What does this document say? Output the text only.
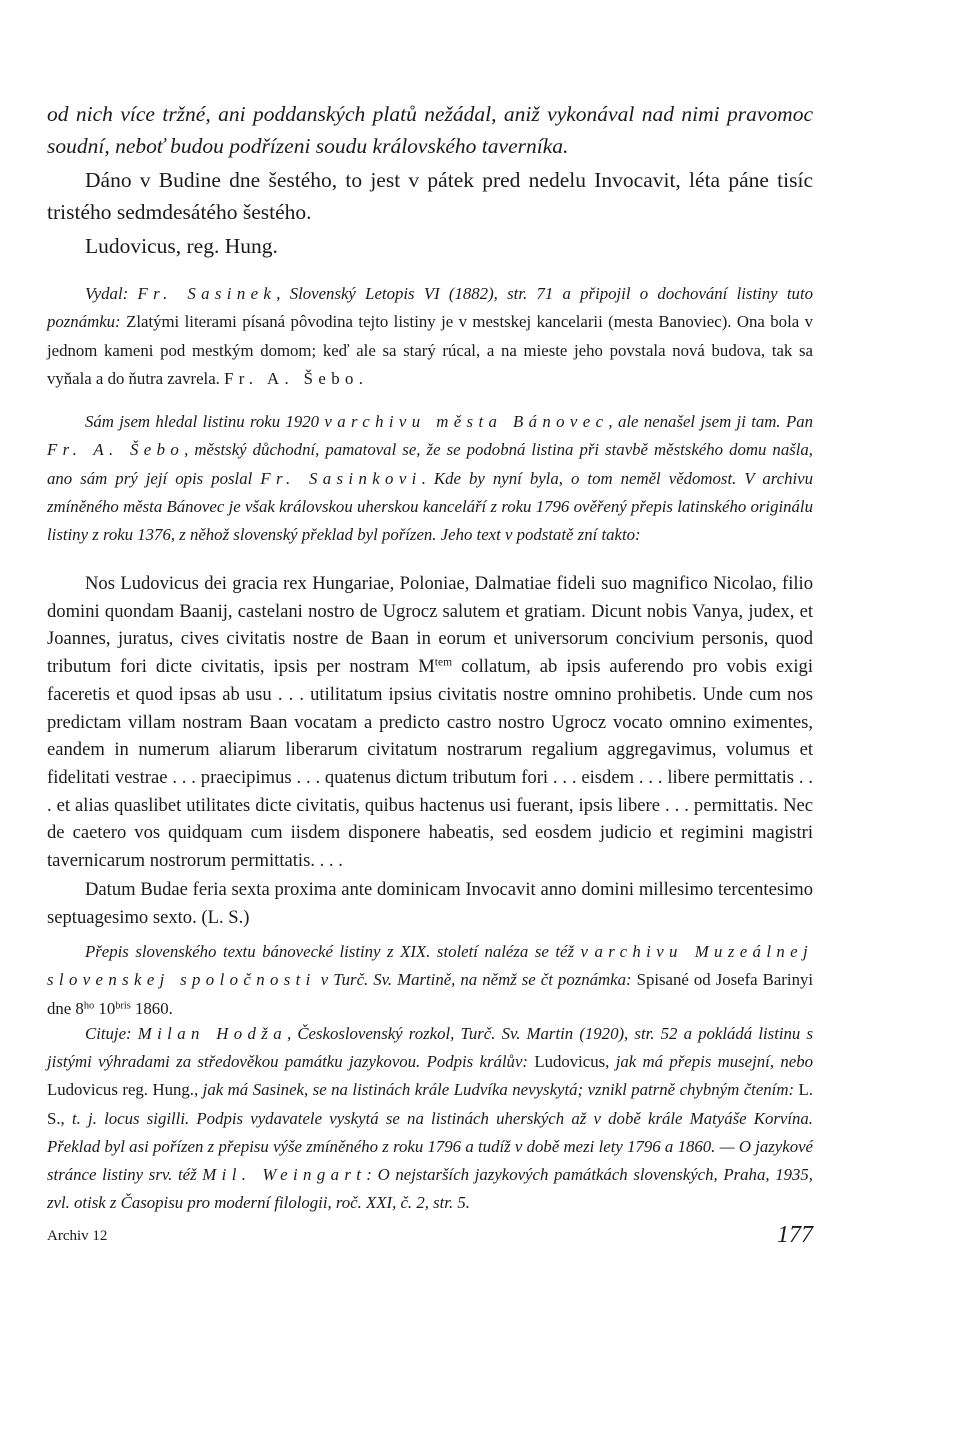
od nich více tržné, ani poddanských platů nežádal, aniž vykonával nad nimi pravomoc soudní, neboť budou podřízeni soudu královského taverníka.

Dáno v Budine dne šestého, to jest v pátek pred nedelu Invocavit, léta páne tisíc tristého sedmdesátého šestého.

Ludovicus, reg. Hung.

Vydal: Fr. Sasinek, Slovenský Letopis VI (1882), str. 71 a připojil o dochování listiny tuto poznámku: Zlatými literami písaná pôvodina tejto listiny je v mestskej kancelarii (mesta Banoviec). Ona bola v jednom kameni pod mestkým domom; keď ale sa starý rúcal, a na mieste jeho povstala nová budova, tak sa vyňala a do ňutra zavrela. Fr. A. Šebo.

Sám jsem hledal listinu roku 1920 v archivu města Bánovec, ale nenašel jsem ji tam. Pan Fr. A. Šebo, městský důchodní, pamatoval se, že se podobná listina při stavbě městského domu našla, ano sám prý její opis poslal Fr. Sasinkovi. Kde by nyní byla, o tom neměl vědomost. V archivu zmíněného města Bánovec je však královskou uherskou kanceláří z roku 1796 ověřený přepis latinského originálu listiny z roku 1376, z něhož slovenský překlad byl pořízen. Jeho text v podstatě zní takto:

Nos Ludovicus dei gracia rex Hungariae, Poloniae, Dalmatiae fideli suo magnifico Nicolao, filio domini quondam Baanij, castelani nostro de Ugrocz salutem et gratiam. Dicunt nobis Vanya, judex, et Joannes, juratus, cives civitatis nostre de Baan in eorum et universorum concivium personis, quod tributum fori dicte civitatis, ipsis per nostram $M^{tem}$ collatum, ab ipsis auferendo pro vobis exigi faceretis et quod ipsas ab usu . . . utilitatum ipsius civitatis nostre omnino prohibetis. Unde cum nos predictam villam nostram Baan vocatam a predicto castro nostro Ugrocz vocato omnino eximentes, eandem in numerum aliarum liberarum civitatum nostrarum regalium aggregavimus, volumus et fidelitati vestrae . . . praecipimus . . . quatenus dictum tributum fori . . . eisdem . . . libere permittatis . . . et alias quaslibet utilitates dicte civitatis, quibus hactenus usi fuerant, ipsis libere . . . permittatis. Nec de caetero vos quidquam cum iisdem disponere habeatis, sed eosdem judicio et regimini magistri tavernicarum nostrorum permittatis. . . .

Datum Budae feria sexta proxima ante dominicam Invocavit anno domini millesimo tercentesimo septuagesimo sexto. (L. S.)

Přepis slovenského textu bánovecké listiny z XIX. století naléza se též v archivu Muzeálnej slovenskej spoločnosti v Turč. Sv. Martině, na němž se čt poznámka: Spisané od Josefa Barinyi dne $8^{ho}$ $10^{bris}$ 1860.

Cituje: Milan Hodža, Československý rozkol, Turč. Sv. Martin (1920), str. 52 a pokládá listinu s jistými výhradami za středověkou památku jazykovou. Podpis králův: Ludovicus, jak má přepis musejní, nebo Ludovicus reg. Hung., jak má Sasinek, se na listinách krále Ludvíka nevyskytá; vznikl patrně chybným čtením: L. S., t. j. locus sigilli. Podpis vydavatele vyskytá se na listinách uherských až v době krále Matyáše Korvína. Překlad byl asi pořízen z přepisu výše zmíněného z roku 1796 a tudíž v době mezi lety 1796 a 1860. — O jazykové stránce listiny srv. též Mil. Weingart: O nejstarších jazykových památkách slovenských, Praha, 1935, zvl. otisk z Časopisu pro moderní filologii, roč. XXI, č. 2, str. 5.

Archiv 12	177
